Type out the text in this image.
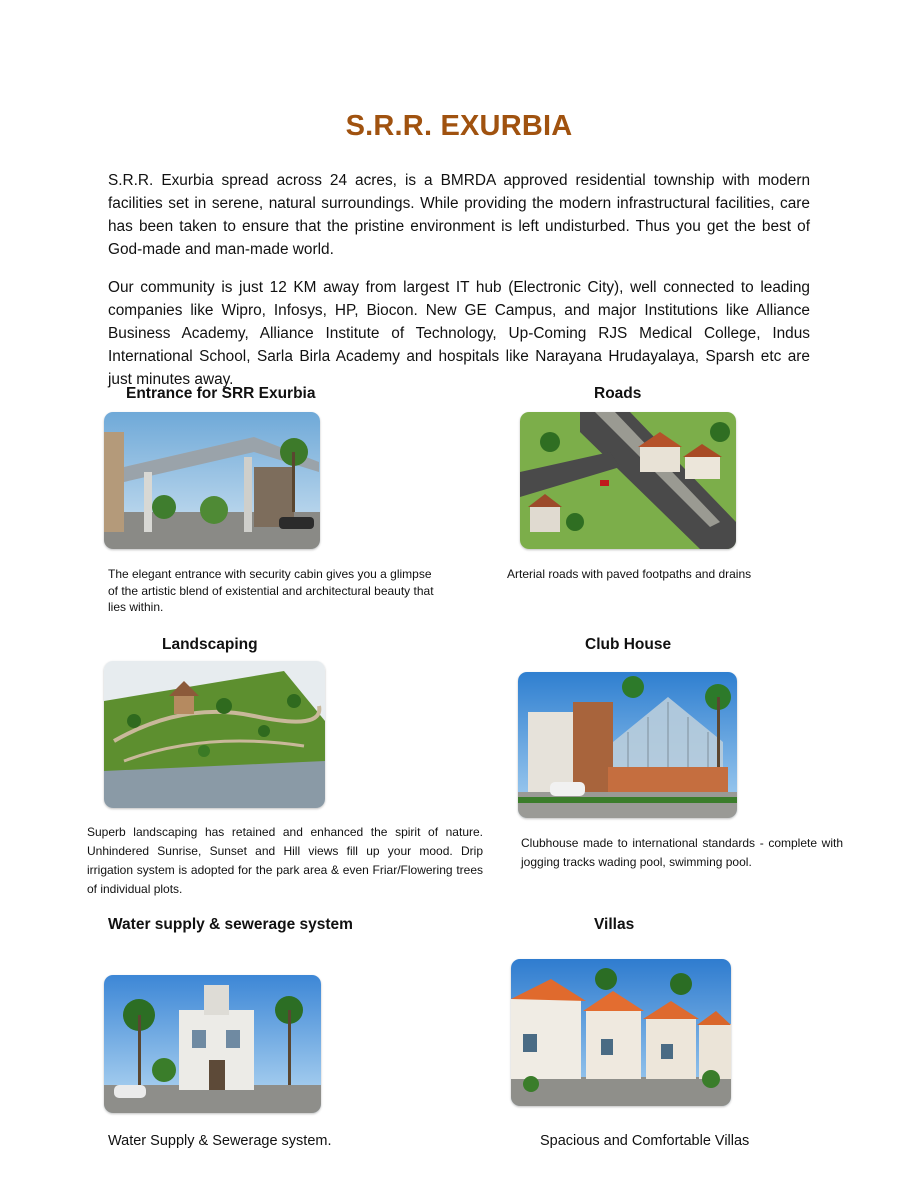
S.R.R. EXURBIA

S.R.R. Exurbia spread across 24 acres, is a BMRDA approved residential township with modern facilities set in serene, natural surroundings. While providing the modern infrastructural facilities, care has been taken to ensure that the pristine environment is left undisturbed. Thus you get the best of God-made and man-made world.

Our community is just 12 KM away from largest IT hub (Electronic City), well connected to leading companies like Wipro, Infosys, HP, Biocon. New GE Campus, and major Institutions like Alliance Business Academy, Alliance Institute of Technology, Up-Coming RJS Medical College, Indus International School, Sarla Birla Academy and hospitals like Narayana Hrudayalaya, Sparsh etc are just minutes away.

Entrance for SRR Exurbia
The elegant entrance with security cabin gives you a glimpse of the artistic blend of existential and architectural beauty that lies within.
Roads
Arterial roads with paved footpaths and drains
Landscaping
Superb landscaping has retained and enhanced the spirit of nature. Unhindered Sunrise, Sunset and Hill views fill up your mood. Drip irrigation system is adopted for the park area & even Friar/Flowering trees of individual plots.
Club House
Clubhouse made to international standards - complete with jogging tracks wading pool, swimming pool.
Water supply & sewerage system
Water Supply & Sewerage system.
Villas
Spacious and Comfortable Villas
